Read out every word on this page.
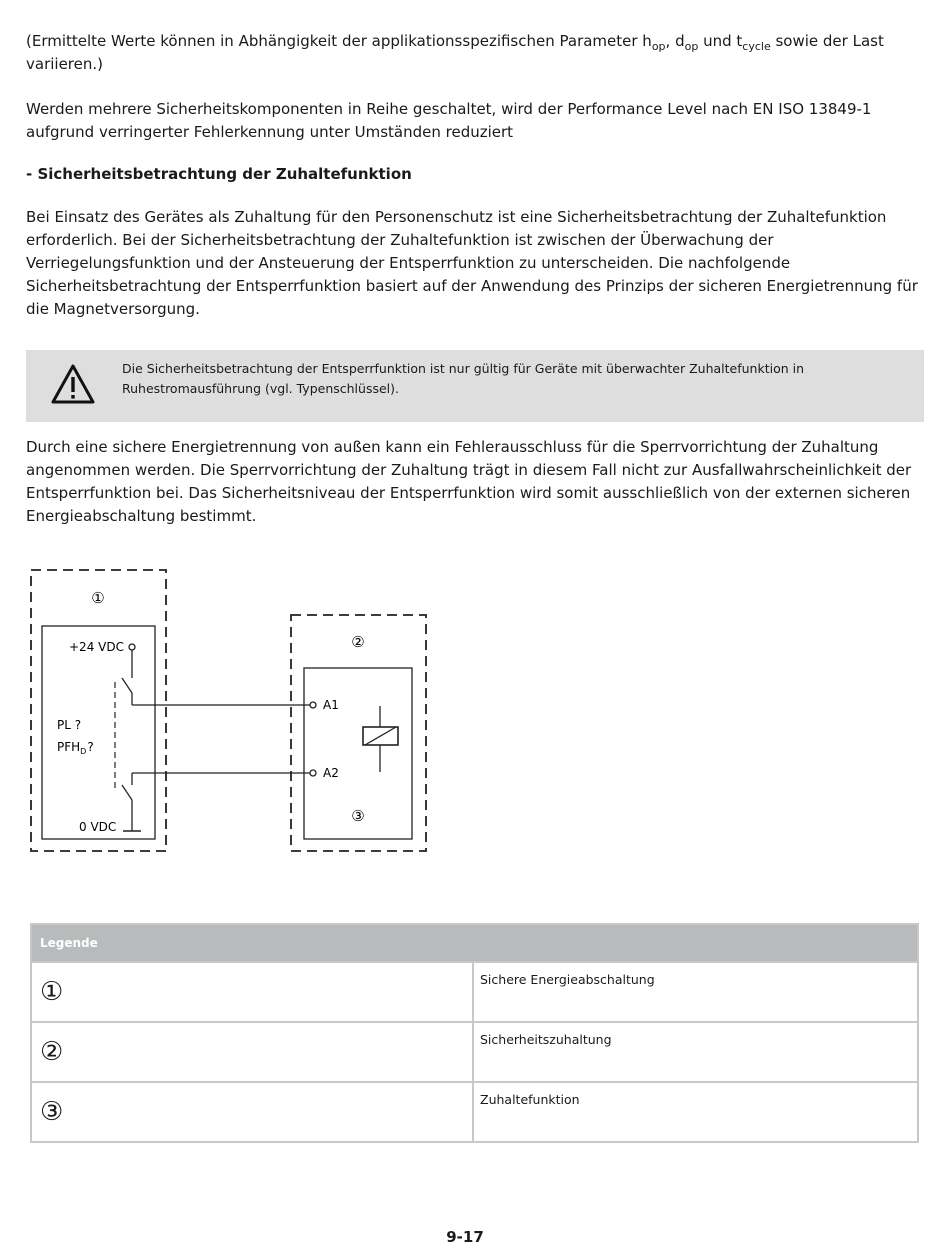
(Ermittelte Werte können in Abhängigkeit der applikationsspezifischen Parameter $h_{op}$, $d_{op}$ und $t_{cycle}$ sowie der Last variieren.)

Werden mehrere Sicherheitskomponenten in Reihe geschaltet, wird der Performance Level nach EN ISO 13849-1 aufgrund verringerter Fehlerkennung unter Umständen reduziert

- Sicherheitsbetrachtung der Zuhaltefunktion

Bei Einsatz des Gerätes als Zuhaltung für den Personenschutz ist eine Sicherheitsbetrachtung der Zuhaltefunktion erforderlich. Bei der Sicherheitsbetrachtung der Zuhaltefunktion ist zwischen der Überwachung der Verriegelungsfunktion und der Ansteuerung der Entsperrfunktion zu unterscheiden. Die nachfolgende Sicherheitsbetrachtung der Entsperrfunktion basiert auf der Anwendung des Prinzips der sicheren Energietrennung für die Magnetversorgung.

Die Sicherheitsbetrachtung der Entsperrfunktion ist nur gültig für Geräte mit überwachter Zuhaltefunktion in Ruhestromausführung (vgl. Typenschlüssel).

Durch eine sichere Energietrennung von außen kann ein Fehlerausschluss für die Sperrvorrichtung der Zuhaltung angenommen werden. Die Sperrvorrichtung der Zuhaltung trägt in diesem Fall nicht zur Ausfallwahrscheinlichkeit der Entsperrfunktion bei. Das Sicherheitsniveau der Entsperrfunktion wird somit ausschließlich von der externen sicheren Energieabschaltung bestimmt.

①
+24 VDC
0 VDC
PL ?
$PFH_D$?
②
A1
A2
③
Legende	

①	Sichere Energieabschaltung

②	Sicherheitszuhaltung

③	Zuhaltefunktion
9-17
